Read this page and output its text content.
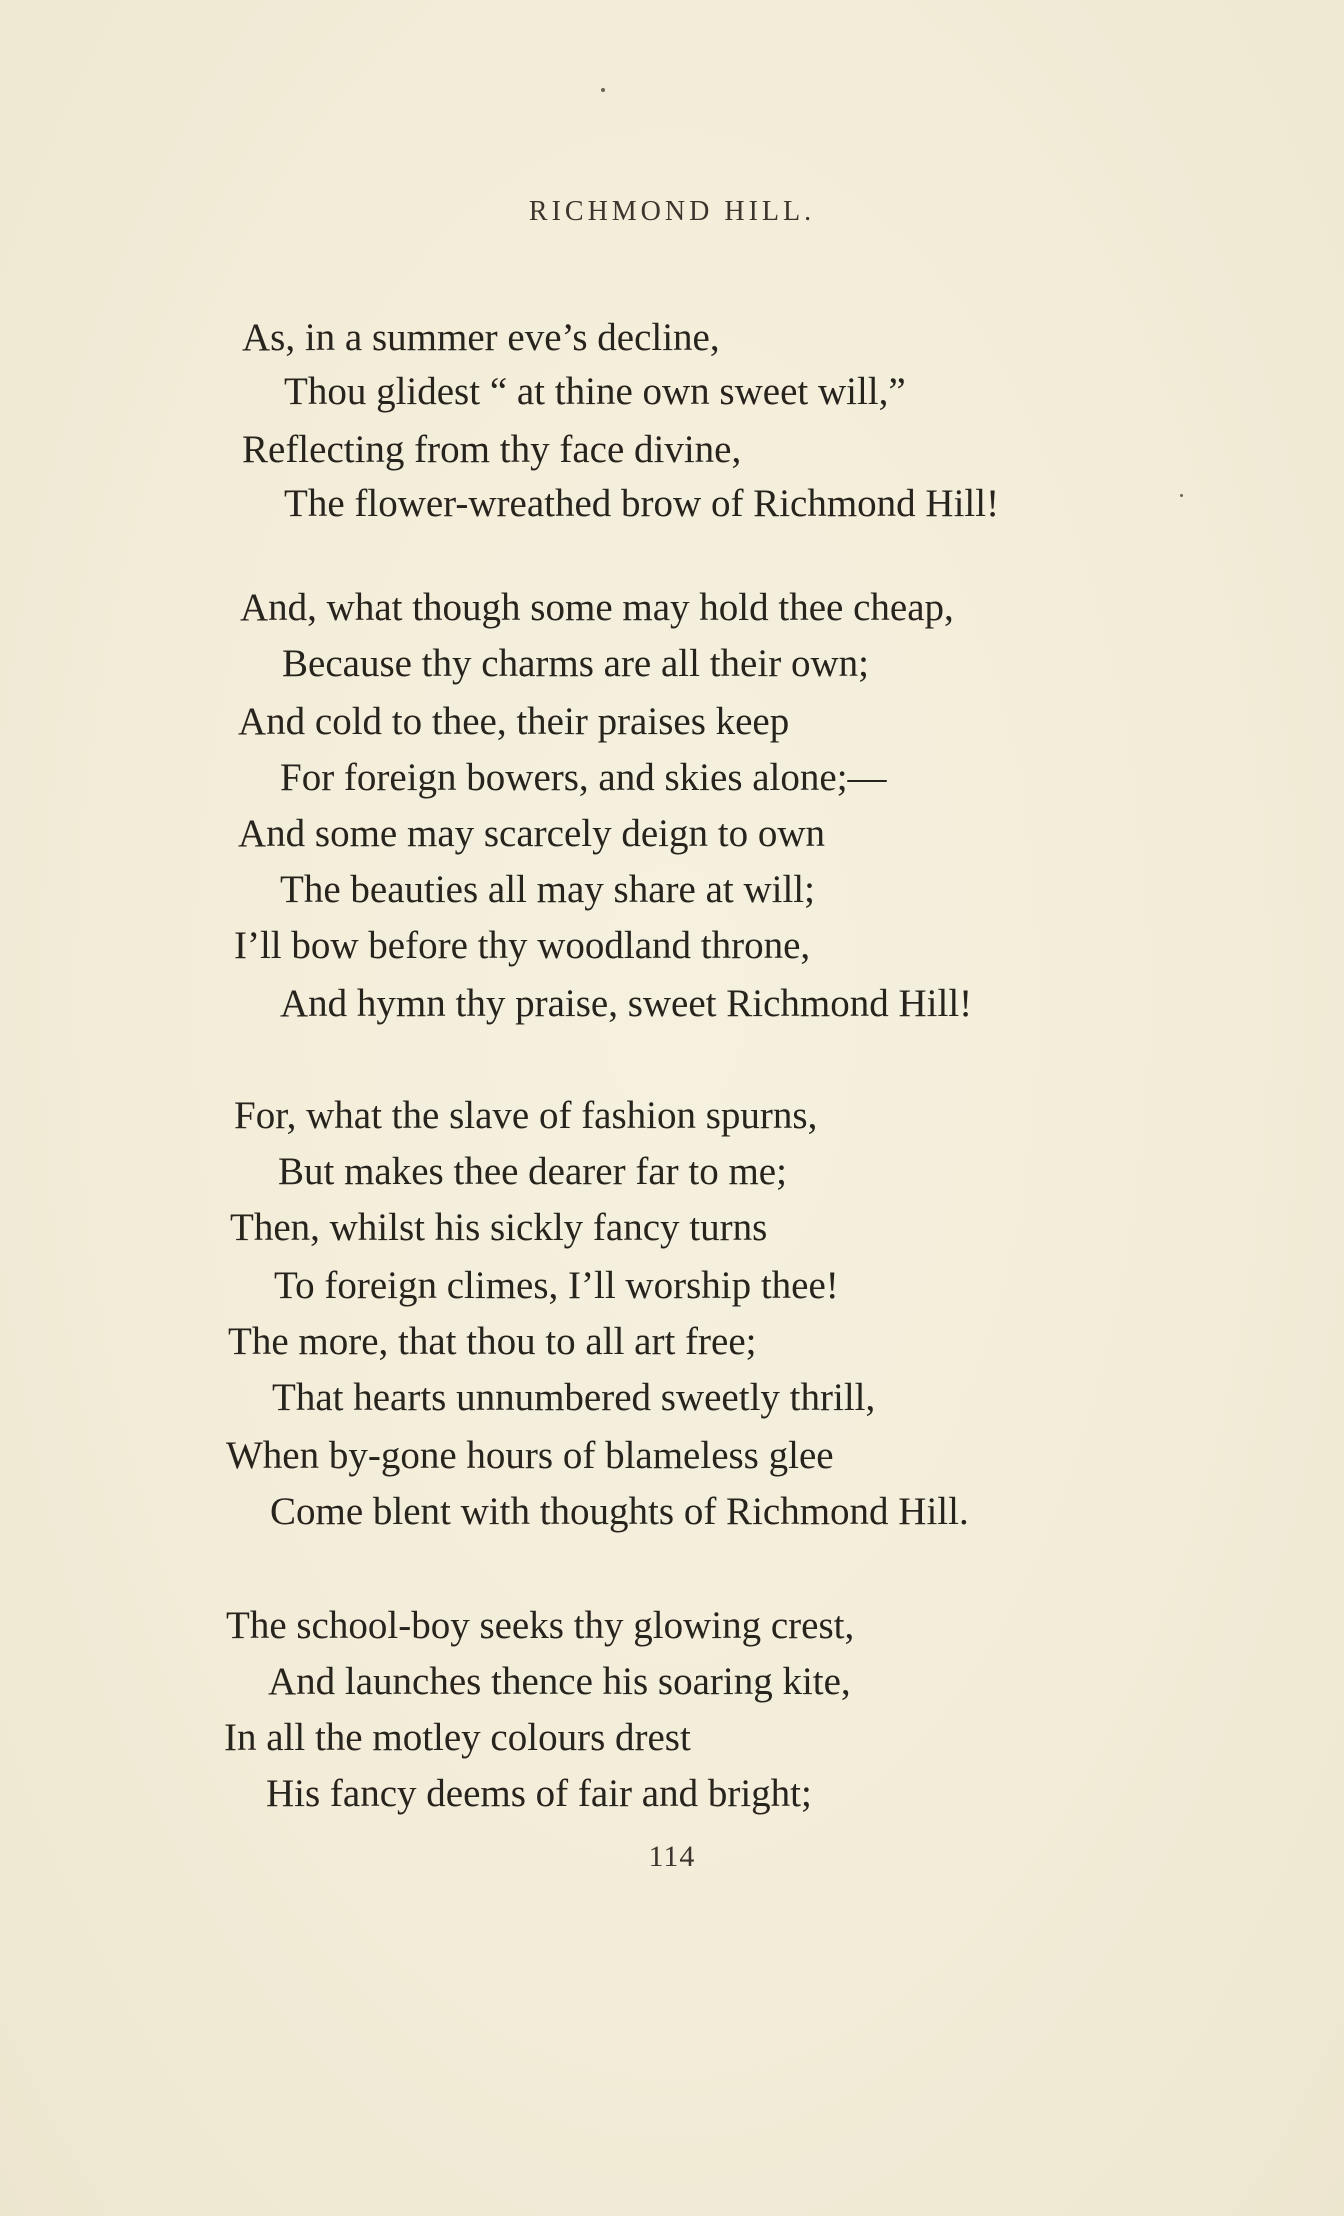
RICHMOND HILL.
As, in a summer eve’s decline,
Thou glidest “ at thine own sweet will,”
Reflecting from thy face divine,
The flower-wreathed brow of Richmond Hill!
And, what though some may hold thee cheap,
Because thy charms are all their own;
And cold to thee, their praises keep
For foreign bowers, and skies alone;—
And some may scarcely deign to own
The beauties all may share at will;
I’ll bow before thy woodland throne,
And hymn thy praise, sweet Richmond Hill!
For, what the slave of fashion spurns,
But makes thee dearer far to me;
Then, whilst his sickly fancy turns
To foreign climes, I’ll worship thee!
The more, that thou to all art free;
That hearts unnumbered sweetly thrill,
When by-gone hours of blameless glee
Come blent with thoughts of Richmond Hill.
The school-boy seeks thy glowing crest,
And launches thence his soaring kite,
In all the motley colours drest
His fancy deems of fair and bright;
114
